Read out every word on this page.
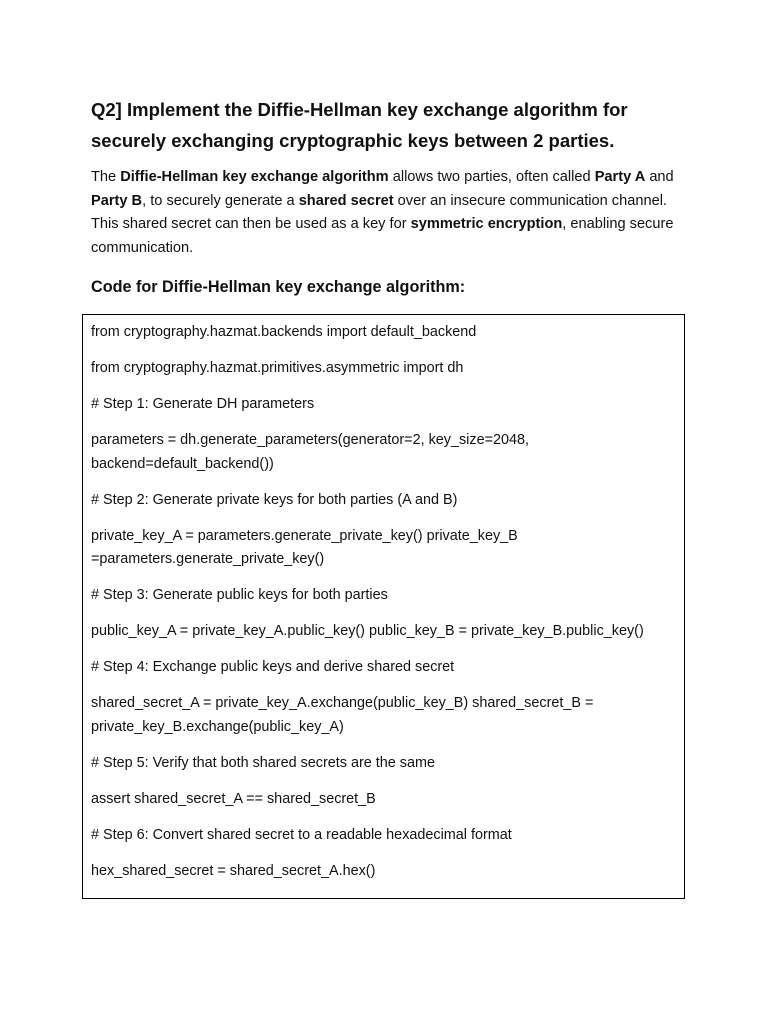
Q2] Implement the Diffie-Hellman key exchange algorithm for securely exchanging cryptographic keys between 2 parties.

The Diffie-Hellman key exchange algorithm allows two parties, often called Party A and Party B, to securely generate a shared secret over an insecure communication channel. This shared secret can then be used as a key for symmetric encryption, enabling secure communication.

Code for Diffie-Hellman key exchange algorithm:

from cryptography.hazmat.backends import default_backend

from cryptography.hazmat.primitives.asymmetric import dh

# Step 1: Generate DH parameters

parameters = dh.generate_parameters(generator=2, key_size=2048, backend=default_backend())

# Step 2: Generate private keys for both parties (A and B)

private_key_A = parameters.generate_private_key() private_key_B =parameters.generate_private_key()

# Step 3: Generate public keys for both parties

public_key_A = private_key_A.public_key() public_key_B = private_key_B.public_key()

# Step 4: Exchange public keys and derive shared secret

shared_secret_A = private_key_A.exchange(public_key_B) shared_secret_B = private_key_B.exchange(public_key_A)

# Step 5: Verify that both shared secrets are the same

assert shared_secret_A == shared_secret_B

# Step 6: Convert shared secret to a readable hexadecimal format

hex_shared_secret = shared_secret_A.hex()
